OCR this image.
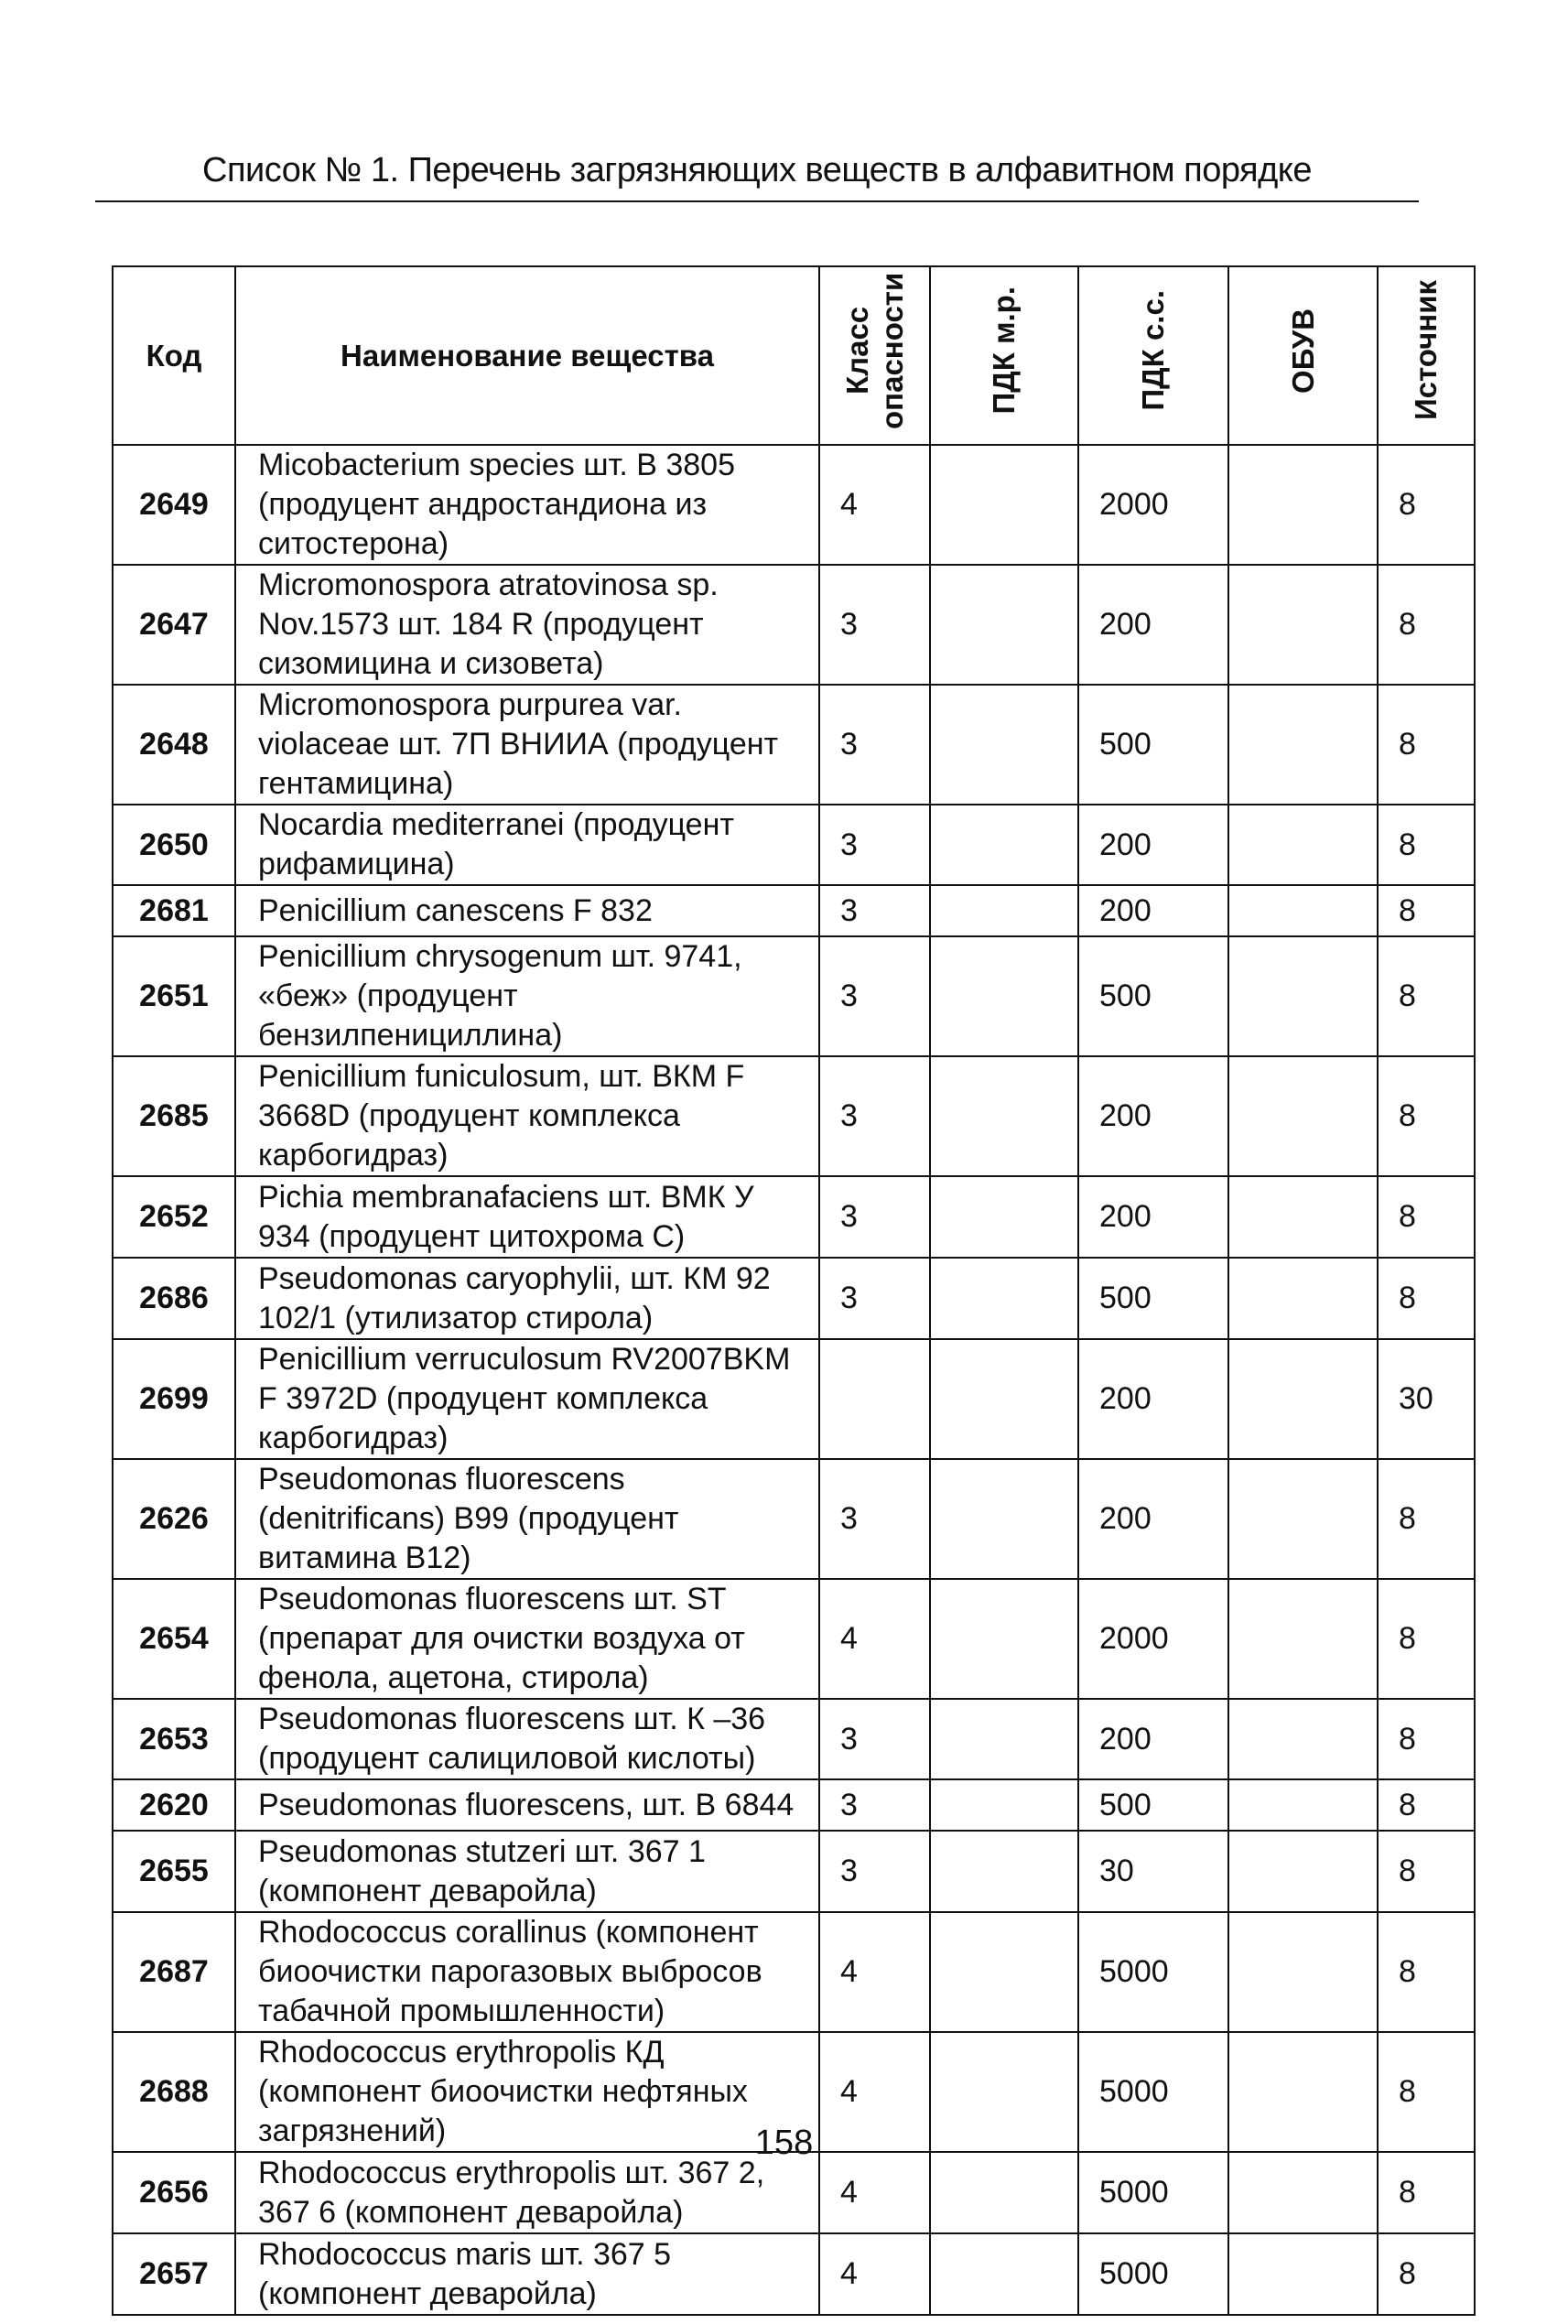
Список № 1. Перечень загрязняющих веществ в алфавитном порядке
Код	Наименование вещества	Класс опасности	ПДК м.р.	ПДК с.с.	ОБУВ	Источник
2649	Micobacterium species шт. В 3805 (продуцент андростандиона из ситостерона)	4		2000		8
2647	Micromonospora atratovinosa sp. Nov.1573 шт. 184 R (продуцент сизомицина и сизовета)	3		200		8
2648	Micromonospora purpurea var. violaceae шт. 7П ВНИИА (продуцент гентамицина)	3		500		8
2650	Nocardia mediterranei (продуцент рифамицина)	3		200		8
2681	Penicillium canescens F 832	3		200		8
2651	Penicillium chrysogenum шт. 9741, «беж» (продуцент бензилпенициллина)	3		500		8
2685	Penicillium funiculosum, шт. ВКМ F 3668D (продуцент комплекса карбогидраз)	3		200		8
2652	Pichia membranafaciens шт. ВМК У 934 (продуцент цитохрома С)	3		200		8
2686	Pseudomonas caryophylii, шт. КМ 92 102/1 (утилизатор стирола)	3		500		8
2699	Penicillium verruculosum RV2007BKM F 3972D (продуцент комплекса карбогидраз)			200		30
2626	Pseudomonas fluorescens (denitrificans) B99 (продуцент витамина B12)	3		200		8
2654	Pseudomonas fluorescens шт. ST (препарат для очистки воздуха от фенола, ацетона, стирола)	4		2000		8
2653	Pseudomonas fluorescens шт. К –36 (продуцент салициловой кислоты)	3		200		8
2620	Pseudomonas fluorescens, шт. В 6844	3		500		8
2655	Pseudomonas stutzeri шт. 367 1 (компонент деваройла)	3		30		8
2687	Rhodococcus corallinus (компонент биоочистки парогазовых выбросов табачной промышленности)	4		5000		8
2688	Rhodococcus erythropolis КД (компонент биоочистки нефтяных загрязнений)	4		5000		8
2656	Rhodococcus erythropolis шт. 367 2, 367 6 (компонент деваройла)	4		5000		8
2657	Rhodococcus maris шт. 367 5 (компонент деваройла)	4		5000		8
158
